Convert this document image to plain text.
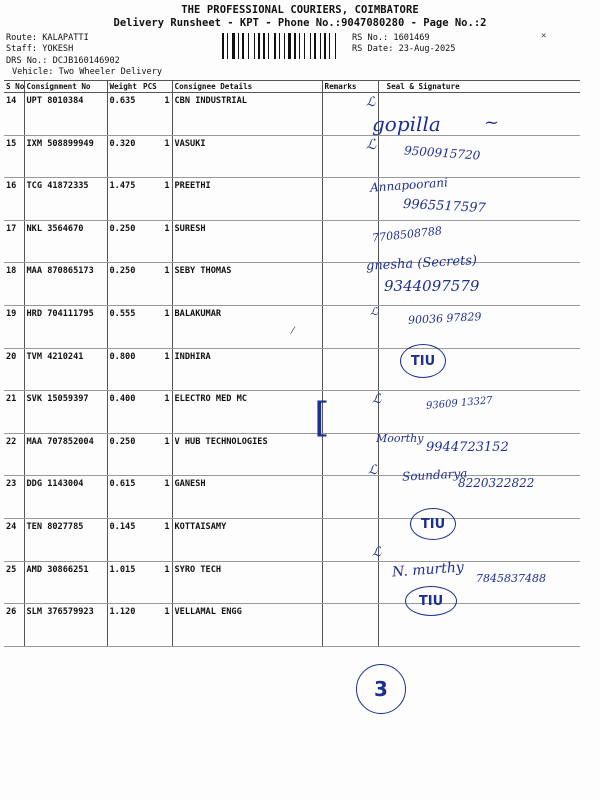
THE PROFESSIONAL COURIERS, COIMBATORE
Delivery Runsheet - KPT - Phone No.:9047080280 - Page No.:2
Route: KALAPATTI
Staff: YOKESH
DRS No.: DCJB160146902
Vehicle: Two Wheeler Delivery
RS No.: 1601469
RS Date: 23-Aug-2025
✕
S No	Consignment No	Weight	PCS	Consignee Details	Remarks	Seal & Signature
14	UPT 8010384	0.635	1	CBN INDUSTRIAL		
15	IXM 508899949	0.320	1	VASUKI		
16	TCG 41872335	1.475	1	PREETHI		
17	NKL 3564670	0.250	1	SURESH		
18	MAA 870865173	0.250	1	SEBY THOMAS		
19	HRD 704111795	0.555	1	BALAKUMAR		
20	TVM 4210241	0.800	1	INDHIRA		
21	SVK 15059397	0.400	1	ELECTRO MED MC		
22	MAA 707852004	0.250	1	V HUB TECHNOLOGIES		
23	DDG 1143004	0.615	1	GANESH		
24	TEN 8027785	0.145	1	KOTTAISAMY		
25	AMD 30866251	1.015	1	SYRO TECH		
26	SLM 376579923	1.120	1	VELLAMAL ENGG		
ℒ
gopilla ~
ℒ 9500915720
Annapoorani
9965517597
7708508788
gnesha (Secrets)
9344097579
ℒ	90036 97829
TIU
ℒ	93609 13327
[	Moorthy
9944723152
ℒ Soundarya
8220322822
TIU
ℒ
N. murthy 7845837488
TIU
3
⁄
